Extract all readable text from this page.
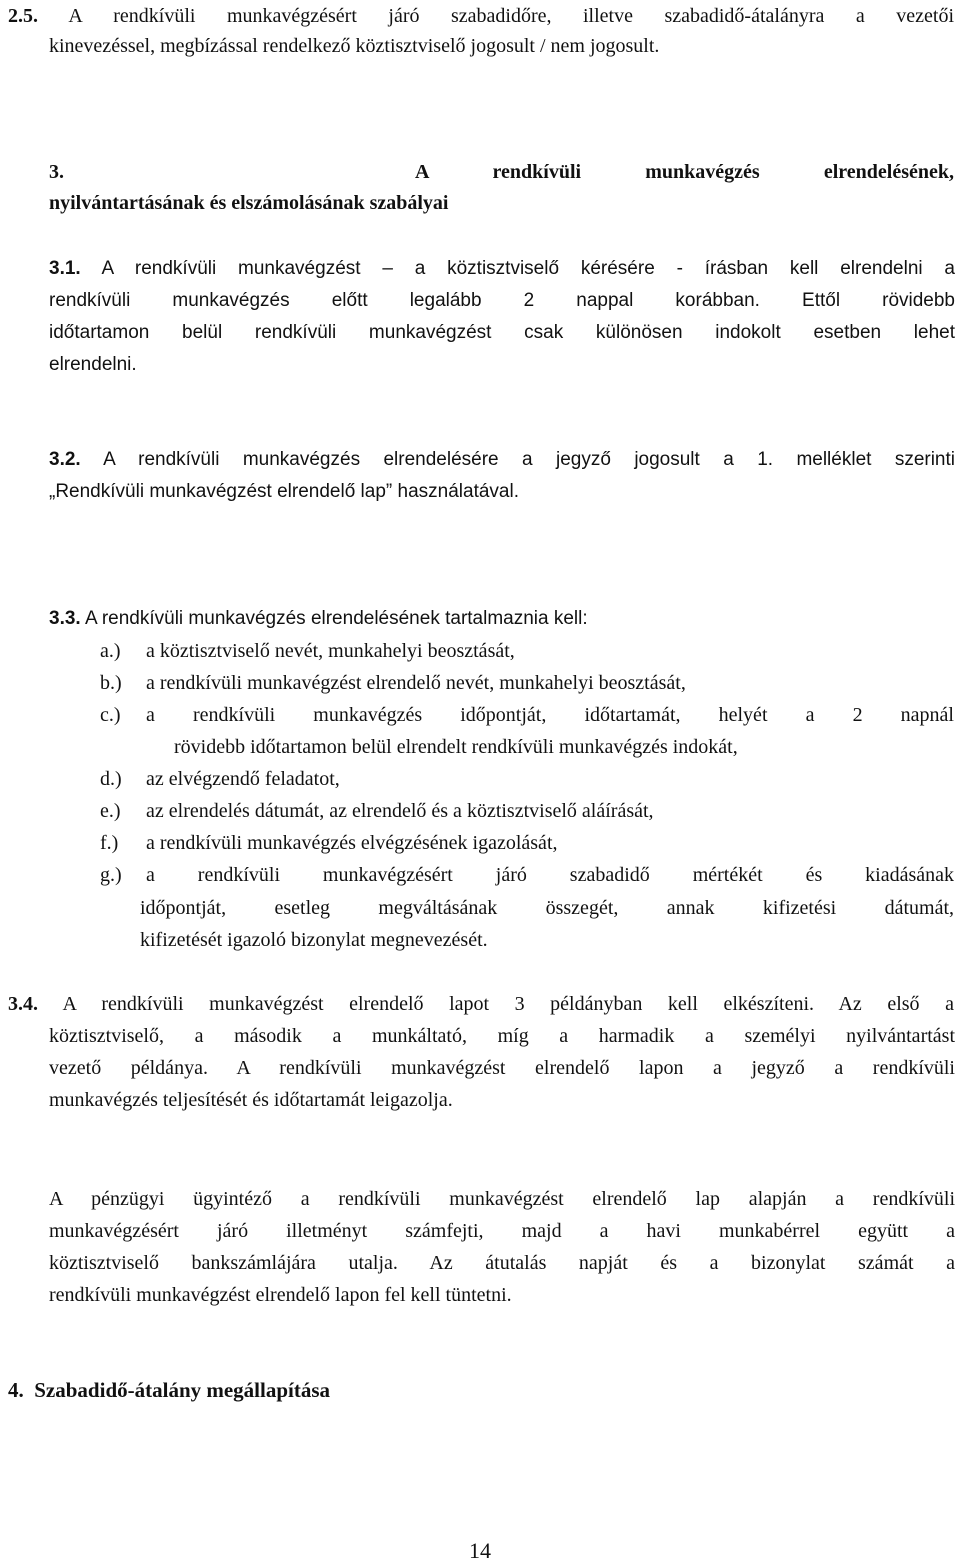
2.5. A rendkívüli munkavégzésért járó szabadidőre, illetve szabadidő-átalányra a vezetői
kinevezéssel, megbízással rendelkező köztisztviselő jogosult / nem jogosult.
3.	A rendkívüli munkavégzés elrendelésének,
nyilvántartásának és elszámolásának szabályai
3.1. A rendkívüli munkavégzést – a köztisztviselő kérésére - írásban kell elrendelni a
rendkívüli munkavégzés előtt legalább 2 nappal korábban. Ettől rövidebb
időtartamon belül rendkívüli munkavégzést csak különösen indokolt esetben lehet
elrendelni.
3.2. A rendkívüli munkavégzés elrendelésére a jegyző jogosult a 1. melléklet szerinti
„Rendkívüli munkavégzést elrendelő lap” használatával.
3.3. A rendkívüli munkavégzés elrendelésének tartalmaznia kell:
a.) a köztisztviselő nevét, munkahelyi beosztását,
b.) a rendkívüli munkavégzést elrendelő nevét, munkahelyi beosztását,
c.) a rendkívüli munkavégzés időpontját, időtartamát, helyét a 2 napnál
rövidebb időtartamon belül elrendelt rendkívüli munkavégzés indokát,
d.) az elvégzendő feladatot,
e.) az elrendelés dátumát, az elrendelő és a köztisztviselő aláírását,
f.) a rendkívüli munkavégzés elvégzésének igazolását,
g.) a rendkívüli munkavégzésért járó szabadidő mértékét és kiadásának
időpontját, esetleg megváltásának összegét, annak kifizetési dátumát,
kifizetését igazoló bizonylat megnevezését.
3.4. A rendkívüli munkavégzést elrendelő lapot 3 példányban kell elkészíteni. Az első a
köztisztviselő, a második a munkáltató, míg a harmadik a személyi nyilvántartást
vezető példánya. A rendkívüli munkavégzést elrendelő lapon a jegyző a rendkívüli
munkavégzés teljesítését és időtartamát leigazolja.
A pénzügyi ügyintéző a rendkívüli munkavégzést elrendelő lap alapján a rendkívüli
munkavégzésért járó illetményt számfejti, majd a havi munkabérrel együtt a
köztisztviselő bankszámlájára utalja. Az átutalás napját és a bizonylat számát a
rendkívüli munkavégzést elrendelő lapon fel kell tüntetni.
4. Szabadidő-átalány megállapítása
14
